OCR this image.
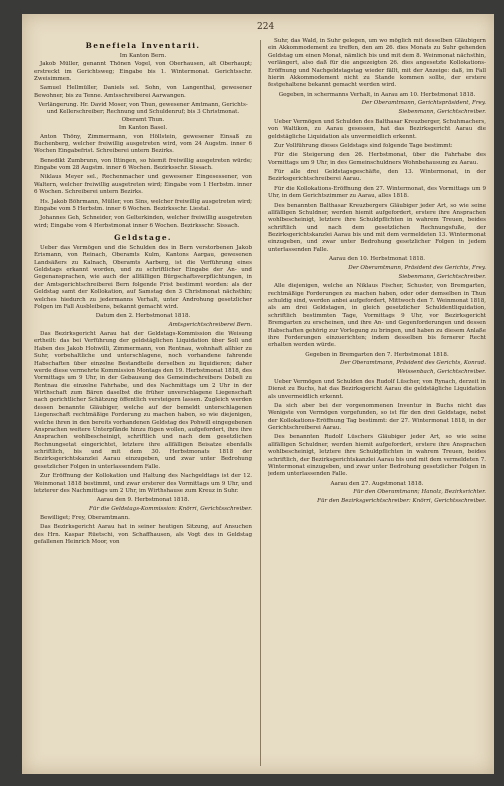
224
Benefiela Inventarii.

Im Kanton Bern.

Jakob Müller, genannt Thönen Vogel, von Oberhausen, alt Oberhaupt; erstreckt im Gerichtsweg; Eingabe bis 1. Wintermonat. Gerichtsschr. Zweisimmen.

Samuel Hellmüller, Daniels sel. Sohn, von Langenthal, gewesener Bewohner, bis zu Tenne. Amtsschreiberei Aarwangen.

Verlängerung. Hr. David Moser, von Thun, gewesener Amtmann, Gerichts- und Kellerschreiber; Rechnung und Schuldenruf; bis 3 Christmonat. Oberamt Thun.

Im Kanton Basel.

Anton Thöny, Zimmermann, von Höllstein, gewesener Einsaß zu Buchenberg, welcher freiwillig ausgetreten wird, vom 24 Augstm. inner 6 Wochen Eingabefrist. Schreiberei untern Bezirks.

Benedikt Zumbrunn, von Ittingen, so hiemit freiwillig ausgetreten würde; Eingabe vom 28 Augstm. inner 6 Wochen. Bezirksschr. Sissach.

Niklaus Meyer sel., Rechenmacher und gewesener Eingesessener, von Waltern, welcher freiwillig ausgetreten wird; Eingabe vom 1 Herbstm. inner 6 Wochen. Schreiberei untern Bezirks.

Hs. Jakob Böhrmann, Müller, von Sins, welcher freiwillig ausgetreten wird; Eingabe vom 5 Herbstm. inner 6 Wochen. Bezirksschr. Liestal.

Johannes Geh, Schneider, von Gelterkinden, welcher freiwillig ausgetreten wird; Eingabe vom 4 Herbstmonat inner 6 Wochen. Bezirksschr. Sissach.

Geldstage.

Ueber das Vermögen und die Schulden des in Bern verstorbenen Jakob Erismann, von Reinach, Oberamts Kulm, Kantons Aargau, gewesenen Landsäßers zu Kalnach, Oberamts Aarberg, ist die Verführung eines Geldstags erkannt worden, und zu schriftlicher Eingabe der An- und Gegenansprachen, wie auch der allfälligen Bürgschaftsverpflichtungen, in der Amtsgerichtschreiberei Bern folgende Frist bestimmt worden: als der Geldstag samt der Kollokation, auf Samstag den 3 Christmonat nächsthin; welches hiedurch zu jedermanns Verhalt, unter Androhung gesetzlicher Folgen im Fall Ausbleibens, bekannt gemacht wird.

Datum den 2. Herbstmonat 1818.

Amtsgerichtschreiberei Bern.

Das Bezirksgericht Aarau hat der Geldstags-Kommission die Weisung ertheilt: das bei Verführung der geldstäglichen Liquidation über Soll und Haben des Jakob Hohwilli, Zimmermann, von Rentnau, wohnhaft allhier zu Suhr, vorbehaltliche und unterschlagene, noch vorhandene fahrende Habschaften über einzelne Bestandteile derselben zu liquidieren; daher werde diese vermehrte Kommission Montags den 19. Herbstmonat 1818, des Vormittags um 9 Uhr, in der Gebausung des Gemeindschreibers Dobeli zu Rentnau die einzelne Fahrhabe, und des Nachmittags um 2 Uhr in der Wirthschaft zum Bären daselbst die früher unverschlagene Liegenschaft nach gerichtlicher Schätzung öffentlich versteigern lassen. Zugleich werden dessen benannte Gläubiger, welche auf der bemeldt unterschlagenen Liegenschaft rechtmäßige Forderung zu machen haben, so wie diejenigen, welche ihren in den bereits vorhandenen Geldstag des Pohwill eingegebenen Ansprachen weitere Unterpfände hinzu fügen wollen, aufgefordert, ihre ihre Ansprachen wohlbescheinigt, schriftlich und nach dem gesetzlichen Rechnungsetat eingerichtet, letztere ihre allfälligen Beisatze ebenfalls schriftlich, bis und mit dem 30. Herbstmonats 1818 der Bezirksgerichtskanzlei Aarau einzugeben, und zwar unter Bedrohung gesetzlicher Folgen in unterlassendem Falle.

Zur Eröffnung der Kollokation und Haltung des Nachgeldtags ist der 12. Weinmonat 1818 bestimmt, und zwar ersterer des Vormittags um 9 Uhr, und letzterer des Nachmittags um 2 Uhr, im Wirthshause zum Kreuz in Suhr.

Aarau den 9. Herbstmonat 1818.

Für die Geldstags-Kommission: Knörri, Gerichtsschreiber.

Bewilliget; Frey, Oberamtmann.

Das Bezirksgericht Aarau hat in seiner heutigen Sitzung, auf Ansuchen des Hrn. Kaspar Rüetschi, von Schaffhausen, als Vogt des in Geldstag gefallenen Heinrich Moor, von

Suhr, das Wald, in Suhr gelegen, um wo möglich mit desselben Gläubigern ein Akkommodement zu treffen, den am 26. dies Monats zu Suhr gehenden Geldstag um einen Monat, nämlich bis und mit dem 8. Weinmonat nächsthin, verlängert, also daß für die angezeigten 26. dies angesetzte Kollokations-Eröffnung und Nachgeldstagstag wieder fällt, mit der Anzeige: daß, im Fall hierin Akkommodement nicht zu Stande kommen sollte, der erstere festgehaltene bekannt gemacht werden wird.

Gegeben, in schermanns Verhalt, in Aarau am 10. Herbstmonat 1818.

Der Oberamtmann, Gerichtspräsident, Frey.

Siebenmann, Gerichtschreiber.

Ueber Vermögen und Schulden des Balthasar Kreuzberger, Schuhmachers, von Waltikon, zu Aarau gesessen, hat das Bezirksgericht Aarau die geldstägliche Liquidation als unvermeidlich erkennt.

Zur Vollführung dieses Geldstags sind folgende Tage bestimmt:

Für die Steigerung den 26. Herbstmonat, über die Fahrhabe des Vormittags um 9 Uhr, in des Gemeinschuldners Wohnbehausung zu Aarau.

Für alle drei Geldstagsgeschäfte, den 13. Wintermonat, in der Bezirksgerichtschreiberei Aarau.

Für die Kollokations-Eröffnung den 27. Wintermonat, des Vormittags um 9 Uhr, in dem Gerichtszimmer zu Aarau, alles 1818.

Des benannten Balthasar Kreuzbergers Gläubiger jeder Art, so wie seine allfälligen Schuldner, werden hiemit aufgefordert, erstere ihre Ansprachen wohlbescheinigt, letztere ihre Schuldpflichten in wahrem Treuen, beides schriftlich und nach dem gesetzlichen Rechnungsfuße, der Bezirksgerichtskanzlei Aarau bis und mit dem vermeldeten 13. Wintermonat einzugeben, und zwar unter Bedrohung gesetzlicher Folgen in jedem unterlassenden Falle.

Aarau den 10. Herbstmonat 1818.

Der Oberamtmann, Präsident des Gerichts, Frey.

Siebenmann, Gerichtschreiber.

Alle diejenigen, welche an Niklaus Fischer, Schuster, von Bremgarten, rechtmäßige Forderungen zu machen haben, oder oder demselben in Thun schuldig sind, werden anbei aufgefordert, Mittwoch den 7. Weinmonat 1818, als am drei Geldstagen, in gleich gesetzlicher Schuldentliquidation, schriftlich bestimmten Tage, Vormittags 9 Uhr, vor Bezirksgericht Bremgarten zu erscheinen, und ihre An- und Gegenforderungen und dessen Habschaften gehörig zur Vorlegung zu bringen, und haben zu diesem Anlaße ihre Forderungen einzuerichten; indem desselben bis fernerer Recht erhalten werden würde.

Gegeben in Bremgarten den 7. Herbstmonat 1818.

Der Oberamtmann, Präsident des Gerichts, Konrad.

Weissenbach, Gerichtschreiber.

Ueber Vermögen und Schulden des Rudolf Lüscher, von Rynach, derzeit in Dienst zu Buchs, hat das Bezirksgericht Aarau die geldstägliche Liquidation als unvermeidlich erkennt.

Da sich aber bei der vorgenommenen Inventur in Buchs nicht das Wenigste von Vermögen vorgefunden, so ist für den drei Geldstage, nebst der Kollokations-Eröffnung Tag bestimmt: der 27. Wintermonat 1818, in der Gerichtschreiberei Aarau.

Des benannten Rudolf Lüschers Gläubiger jeder Art, so wie seine allfälligen Schuldner, werden hiemit aufgefordert, erstere ihre Ansprachen wohlbescheinigt, letztere ihre Schuldpflichten in wahrem Treuen, beides schriftlich, der Bezirksgerichtskanzlei Aarau bis und mit dem vermeldeten 7. Wintermonat einzugeben, und zwar unter Bedrohung gesetzlicher Folgen in jedem unterlassenden Falle.

Aarau den 27. Augstmonat 1818.

Für den Oberamtmann; Hanolz, Bezirksrichter.

Für den Bezirksgerichtschreiber: Knörri, Gerichtsschreiber.
